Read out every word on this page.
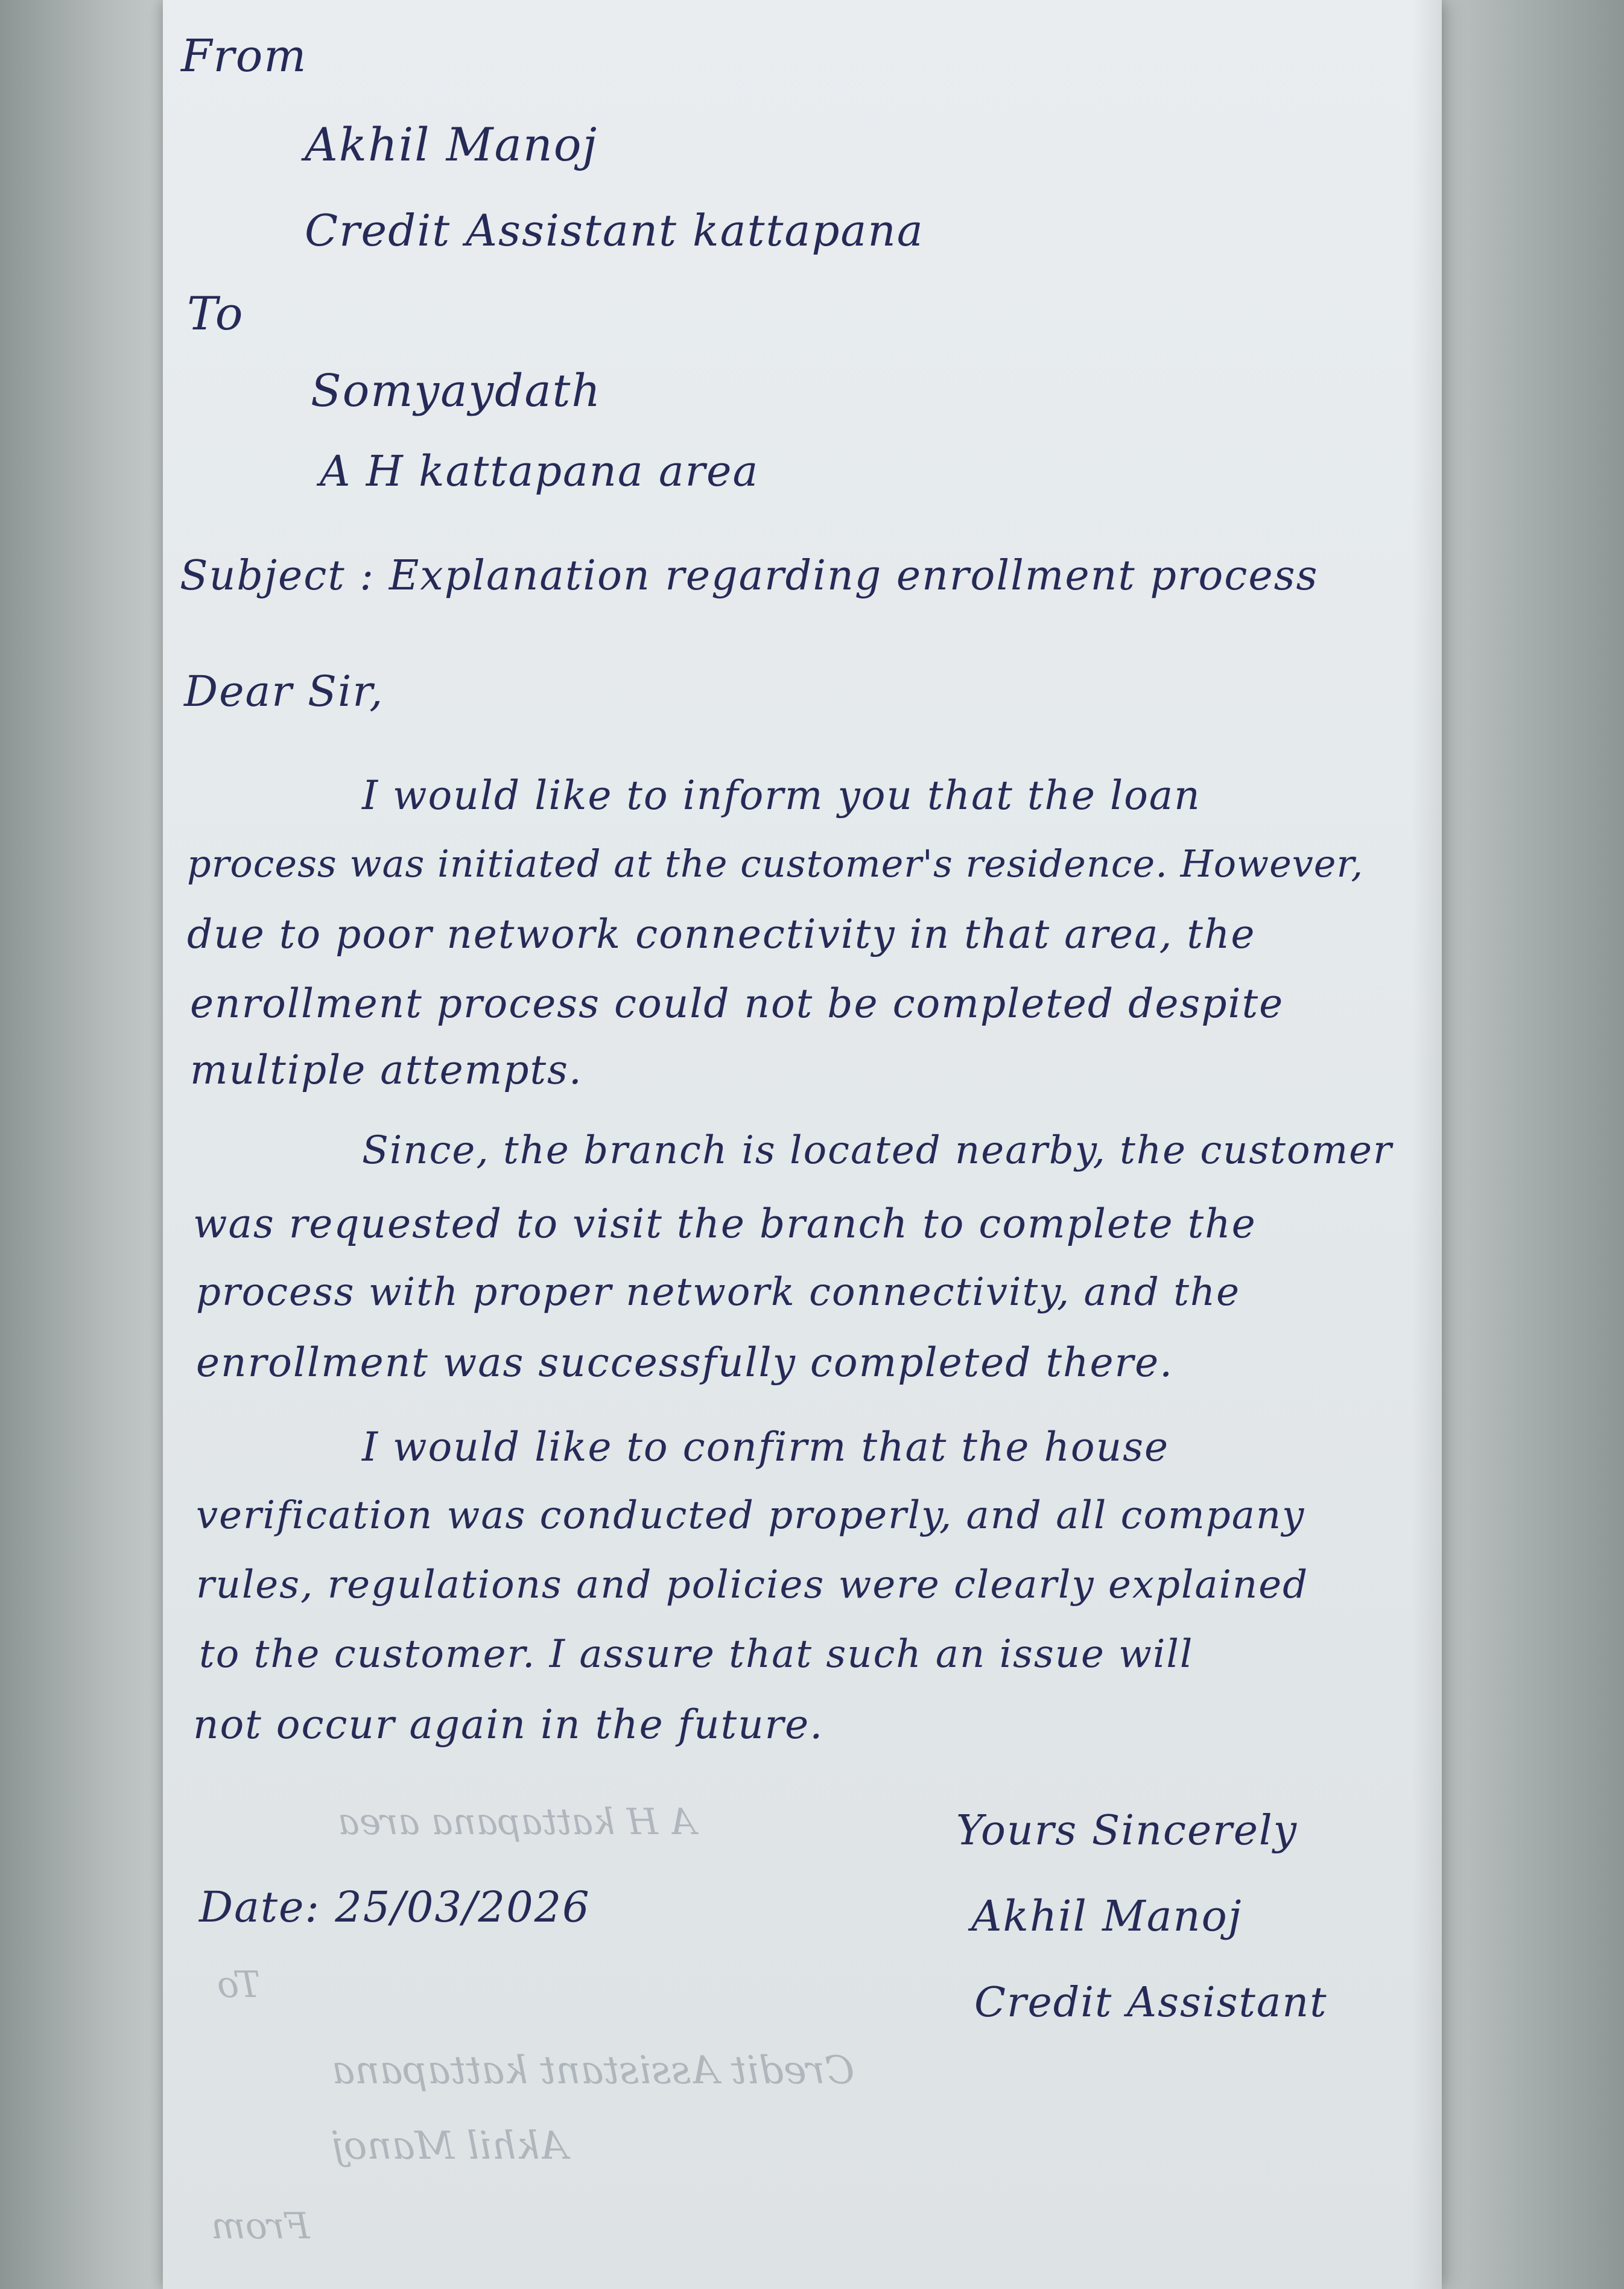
A H kattapana area
To
Credit Assistant kattapana
Akhil Manoj
From
From
Akhil Manoj
Credit Assistant kattapana
To
Somyaydath
A H kattapana area
Subject : Explanation regarding enrollment process
Dear Sir,
I would like to inform you that the loan
process was initiated at the customer's residence. However,
due to poor network connectivity in that area, the
enrollment process could not be completed despite
multiple attempts.
Since, the branch is located nearby, the customer
was requested to visit the branch to complete the
process with proper network connectivity, and the
enrollment was successfully completed there.
I would like to confirm that the house
verification was conducted properly, and all company
rules, regulations and policies were clearly explained
to the customer. I assure that such an issue will
not occur again in the future.
Yours Sincerely
Date: 25/03/2026	Akhil Manoj
Credit Assistant
